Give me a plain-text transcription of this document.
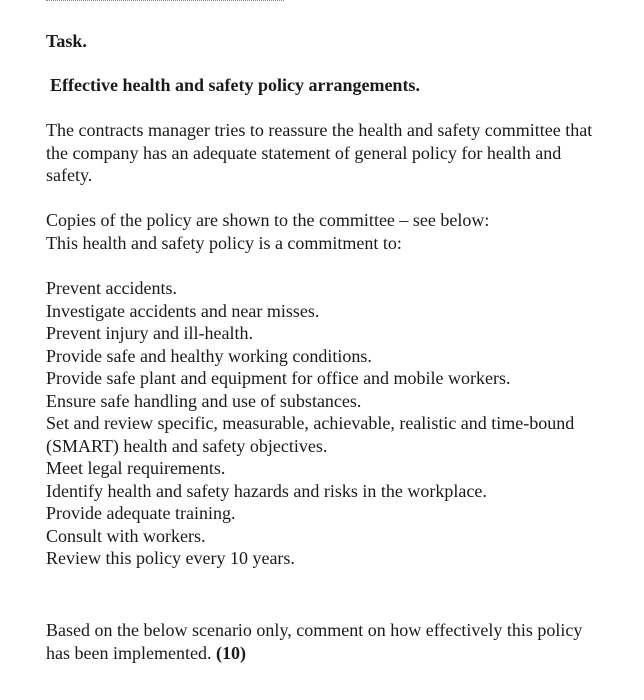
Task.
Effective health and safety policy arrangements.

The contracts manager tries to reassure the health and safety committee that the company has an adequate statement of general policy for health and safety.

Copies of the policy are shown to the committee – see below:
This health and safety policy is a commitment to:
Prevent accidents.
Investigate accidents and near misses.
Prevent injury and ill-health.
Provide safe and healthy working conditions.
Provide safe plant and equipment for office and mobile workers.
Ensure safe handling and use of substances.
Set and review specific, measurable, achievable, realistic and time-bound
(SMART) health and safety objectives.
Meet legal requirements.
Identify health and safety hazards and risks in the workplace.
Provide adequate training.
Consult with workers.
Review this policy every 10 years.

Based on the below scenario only, comment on how effectively this policy has been implemented. (10)
